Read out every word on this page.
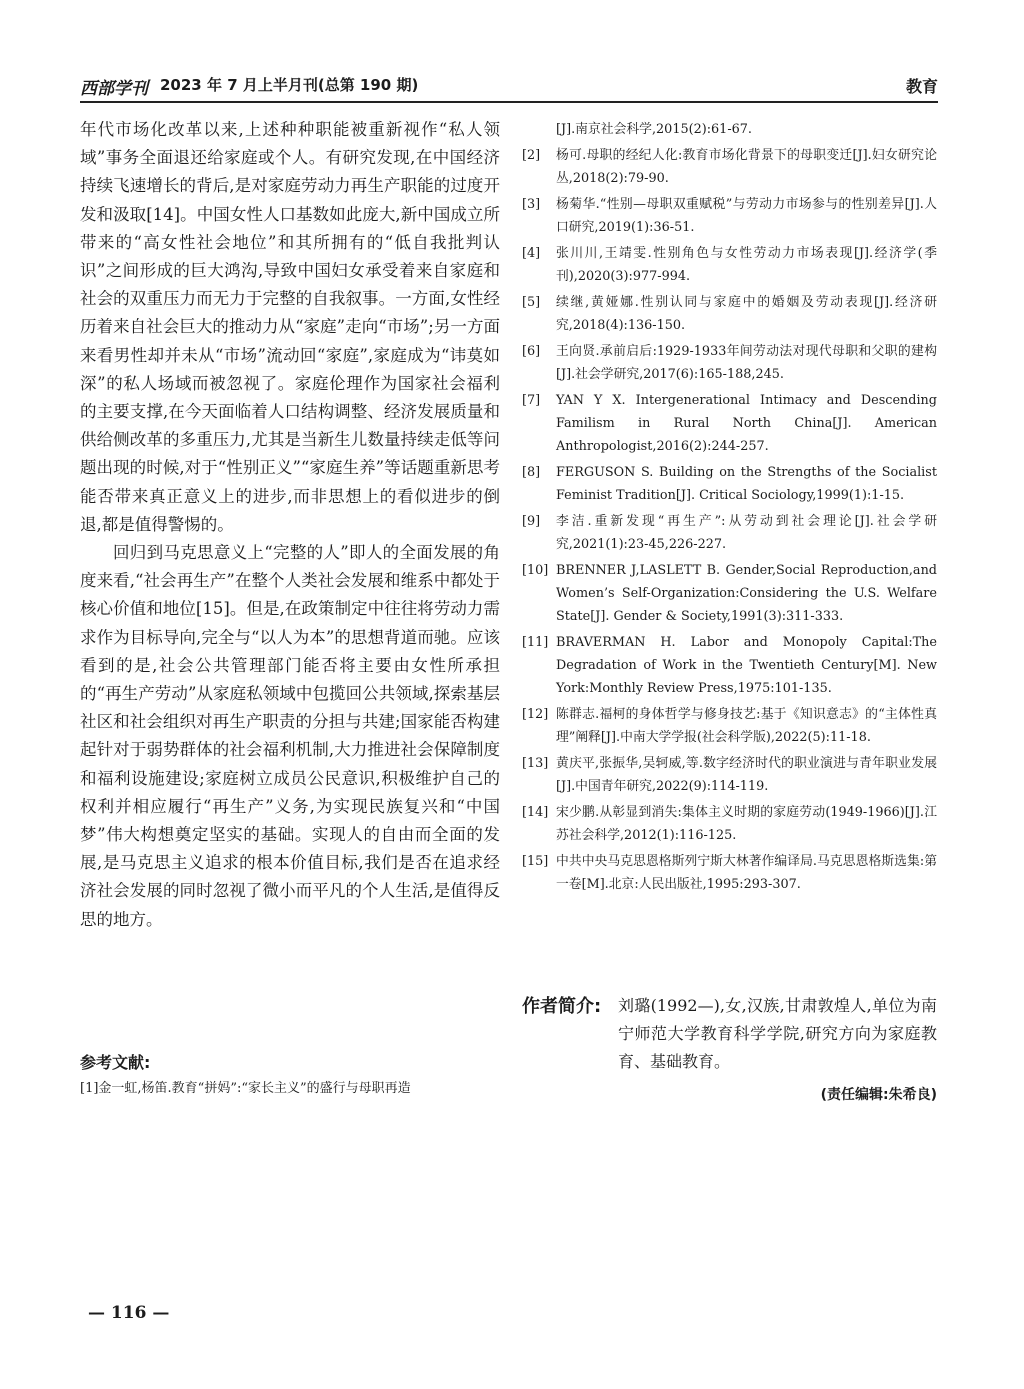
西部学刊 2023 年 7 月上半月刊(总第 190 期)	教育

年代市场化改革以来,上述种种职能被重新视作“私人领域”事务全面退还给家庭或个人。有研究发现,在中国经济持续飞速增长的背后,是对家庭劳动力再生产职能的过度开发和汲取[14]。中国女性人口基数如此庞大,新中国成立所带来的“高女性社会地位”和其所拥有的“低自我批判认识”之间形成的巨大鸿沟,导致中国妇女承受着来自家庭和社会的双重压力而无力于完整的自我叙事。一方面,女性经历着来自社会巨大的推动力从“家庭”走向“市场”;另一方面来看男性却并未从“市场”流动回“家庭”,家庭成为“讳莫如深”的私人场域而被忽视了。家庭伦理作为国家社会福利的主要支撑,在今天面临着人口结构调整、经济发展质量和供给侧改革的多重压力,尤其是当新生儿数量持续走低等问题出现的时候,对于“性别正义”“家庭生养”等话题重新思考能否带来真正意义上的进步,而非思想上的看似进步的倒退,都是值得警惕的。

回归到马克思意义上“完整的人”即人的全面发展的角度来看,“社会再生产”在整个人类社会发展和维系中都处于核心价值和地位[15]。但是,在政策制定中往往将劳动力需求作为目标导向,完全与“以人为本”的思想背道而驰。应该看到的是,社会公共管理部门能否将主要由女性所承担的“再生产劳动”从家庭私领域中包揽回公共领域,探索基层社区和社会组织对再生产职责的分担与共建;国家能否构建起针对于弱势群体的社会福利机制,大力推进社会保障制度和福利设施建设;家庭树立成员公民意识,积极维护自己的权利并相应履行“再生产”义务,为实现民族复兴和“中国梦”伟大构想奠定坚实的基础。实现人的自由而全面的发展,是马克思主义追求的根本价值目标,我们是否在追求经济社会发展的同时忽视了微小而平凡的个人生活,是值得反思的地方。

参考文献:
[1]金一虹,杨笛.教育“拼妈”:“家长主义”的盛行与母职再造
[J].南京社会科学,2015(2):61-67.
[2] 杨可.母职的经纪人化:教育市场化背景下的母职变迁[J].妇女研究论丛,2018(2):79-90.
[3] 杨菊华.“性别—母职双重赋税”与劳动力市场参与的性别差异[J].人口研究,2019(1):36-51.
[4] 张川川,王靖雯.性别角色与女性劳动力市场表现[J].经济学(季刊),2020(3):977-994.
[5] 续继,黄娅娜.性别认同与家庭中的婚姻及劳动表现[J].经济研究,2018(4):136-150.
[6] 王向贤.承前启后:1929-1933年间劳动法对现代母职和父职的建构[J].社会学研究,2017(6):165-188,245.
[7] YAN Y X. Intergenerational Intimacy and Descending Familism in Rural North China[J]. American Anthropologist,2016(2):244-257.
[8] FERGUSON S. Building on the Strengths of the Socialist Feminist Tradition[J]. Critical Sociology,1999(1):1-15.
[9] 李洁.重新发现“再生产”:从劳动到社会理论[J].社会学研究,2021(1):23-45,226-227.
[10] BRENNER J,LASLETT B. Gender,Social Reproduction,and Women’s Self-Organization:Considering the U.S. Welfare State[J]. Gender & Society,1991(3):311-333.
[11] BRAVERMAN H. Labor and Monopoly Capital:The Degradation of Work in the Twentieth Century[M]. New York:Monthly Review Press,1975:101-135.
[12] 陈群志.福柯的身体哲学与修身技艺:基于《知识意志》的“主体性真理”阐释[J].中南大学学报(社会科学版),2022(5):11-18.
[13] 黄庆平,张振华,吴轲威,等.数字经济时代的职业演进与青年职业发展[J].中国青年研究,2022(9):114-119.
[14] 宋少鹏.从彰显到消失:集体主义时期的家庭劳动(1949-1966)[J].江苏社会科学,2012(1):116-125.
[15] 中共中央马克思恩格斯列宁斯大林著作编译局.马克思恩格斯选集:第一卷[M].北京:人民出版社,1995:293-307.
作者简介: 刘璐(1992—),女,汉族,甘肃敦煌人,单位为南宁师范大学教育科学学院,研究方向为家庭教育、基础教育。
(责任编辑:朱希良)
— 116 —
